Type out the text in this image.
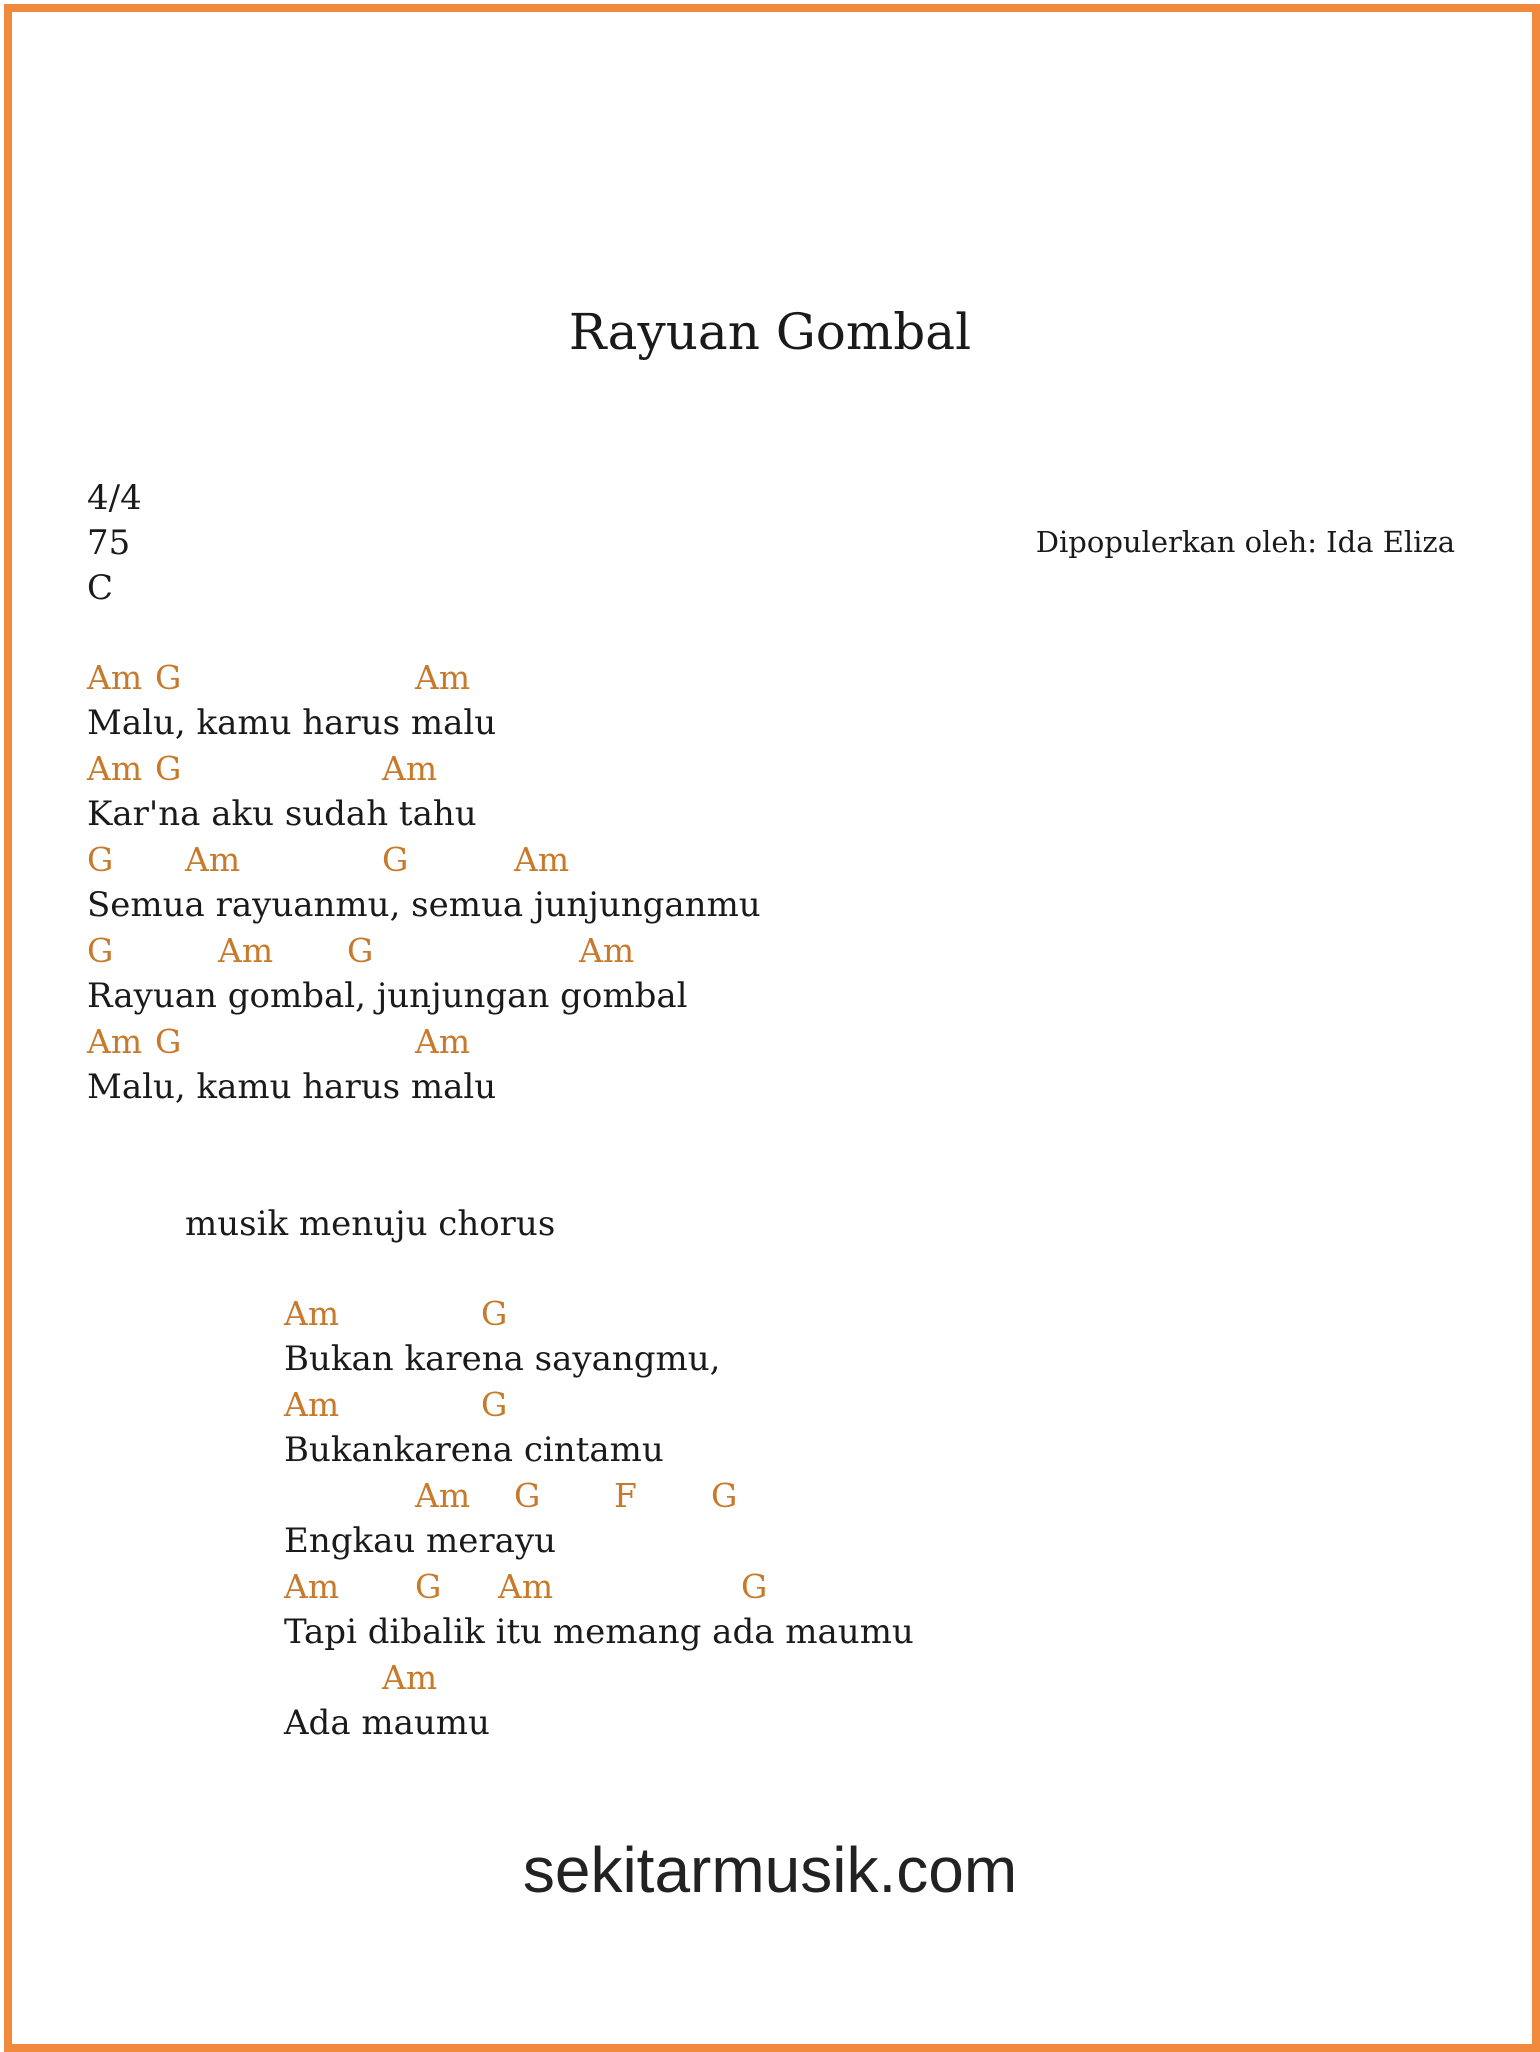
Rayuan Gombal
4/4
75
C
Dipopulerkan oleh: Ida Eliza
Am G	Am
Malu, kamu harus malu
Am G	Am
Kar'na aku sudah tahu
G Am	G	Am
Semua rayuanmu, semua junjunganmu
G	Am G	Am
Rayuan gombal, junjungan gombal
Am G	Am
Malu, kamu harus malu
musik menuju chorus
Am	G
Bukan karena sayangmu,
Am	G
Bukankarena cintamu
Am G F G
Engkau merayu
Am G Am	G
Tapi dibalik itu memang ada maumu
Am
Ada maumu
sekitarmusik.com
